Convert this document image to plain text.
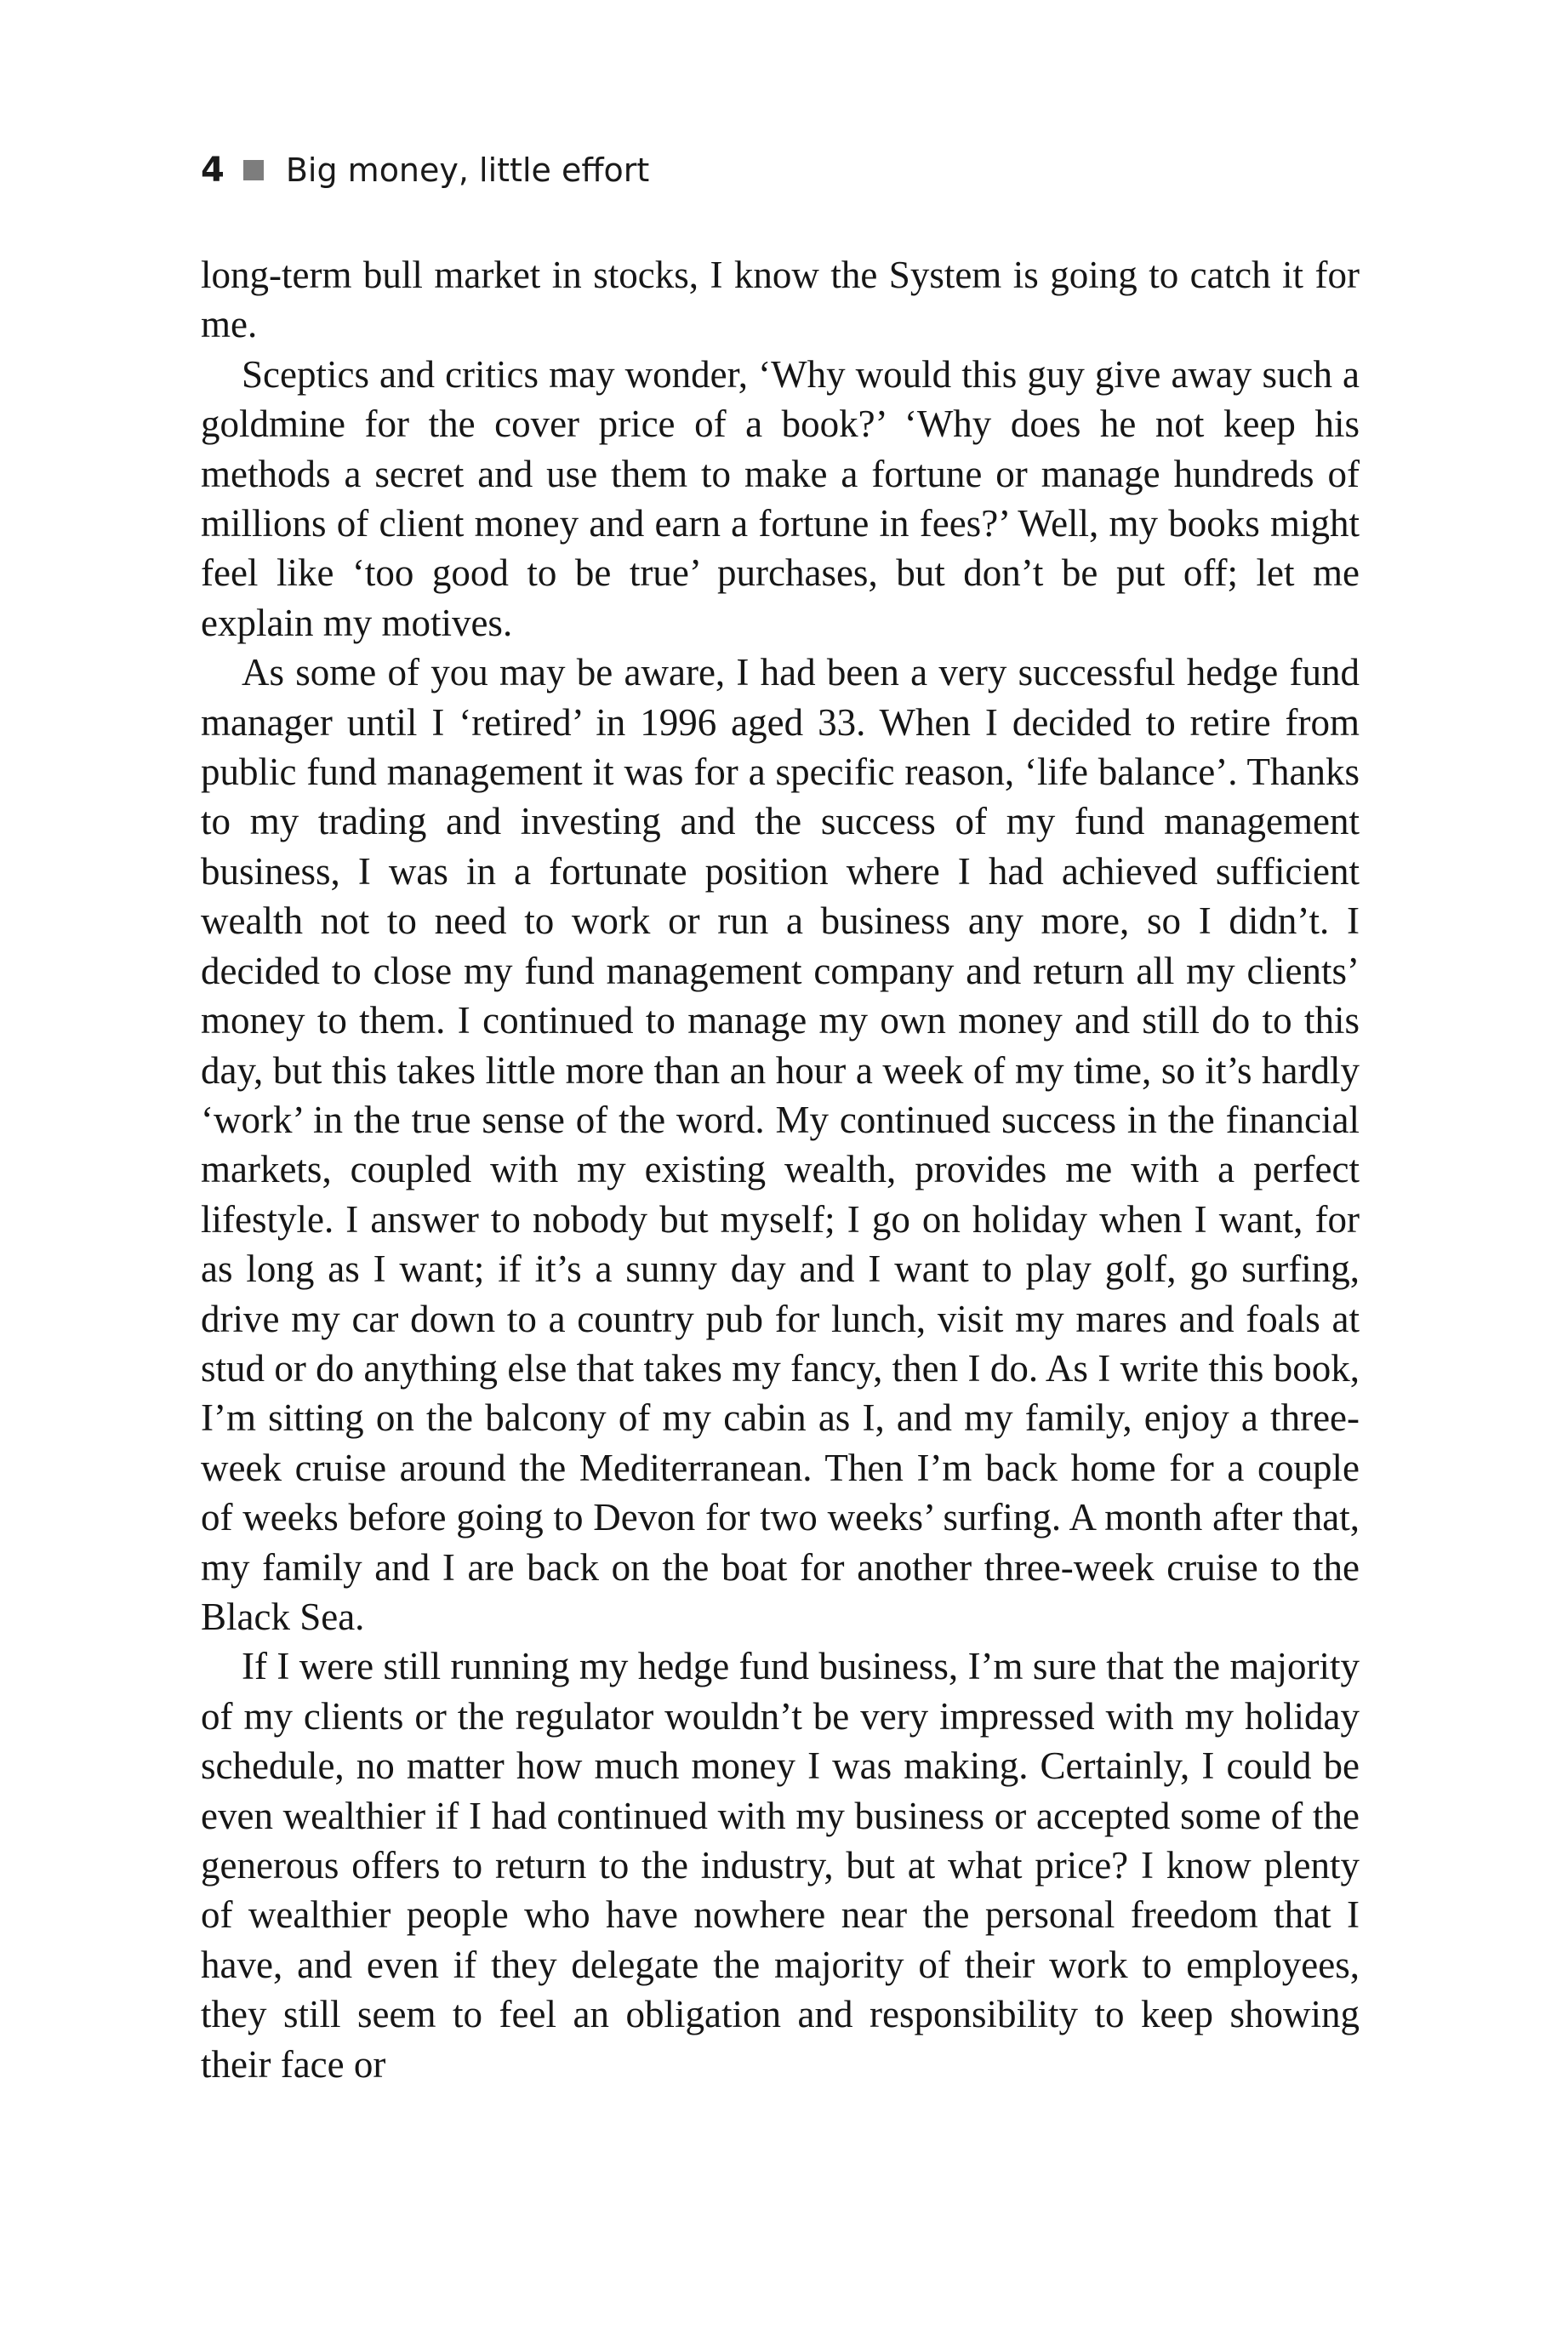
4 Big money, little effort

long-term bull market in stocks, I know the System is going to catch it for me.

Sceptics and critics may wonder, ‘Why would this guy give away such a goldmine for the cover price of a book?’ ‘Why does he not keep his methods a secret and use them to make a fortune or manage hundreds of millions of client money and earn a fortune in fees?’ Well, my books might feel like ‘too good to be true’ purchases, but don’t be put off; let me explain my motives.

As some of you may be aware, I had been a very successful hedge fund manager until I ‘retired’ in 1996 aged 33. When I decided to retire from public fund management it was for a specific reason, ‘life balance’. Thanks to my trading and investing and the success of my fund management business, I was in a fortunate position where I had achieved sufficient wealth not to need to work or run a business any more, so I didn’t. I decided to close my fund management company and return all my clients’ money to them. I continued to manage my own money and still do to this day, but this takes little more than an hour a week of my time, so it’s hardly ‘work’ in the true sense of the word. My continued success in the financial markets, coupled with my existing wealth, provides me with a perfect lifestyle. I answer to nobody but myself; I go on holiday when I want, for as long as I want; if it’s a sunny day and I want to play golf, go surfing, drive my car down to a country pub for lunch, visit my mares and foals at stud or do anything else that takes my fancy, then I do. As I write this book, I’m sitting on the balcony of my cabin as I, and my family, enjoy a three-week cruise around the Mediterranean. Then I’m back home for a couple of weeks before going to Devon for two weeks’ surfing. A month after that, my family and I are back on the boat for another three-week cruise to the Black Sea.

If I were still running my hedge fund business, I’m sure that the majority of my clients or the regulator wouldn’t be very impressed with my holiday schedule, no matter how much money I was making. Certainly, I could be even wealthier if I had continued with my business or accepted some of the generous offers to return to the industry, but at what price? I know plenty of wealthier people who have nowhere near the personal freedom that I have, and even if they delegate the majority of their work to employees, they still seem to feel an obligation and responsibility to keep showing their face or
